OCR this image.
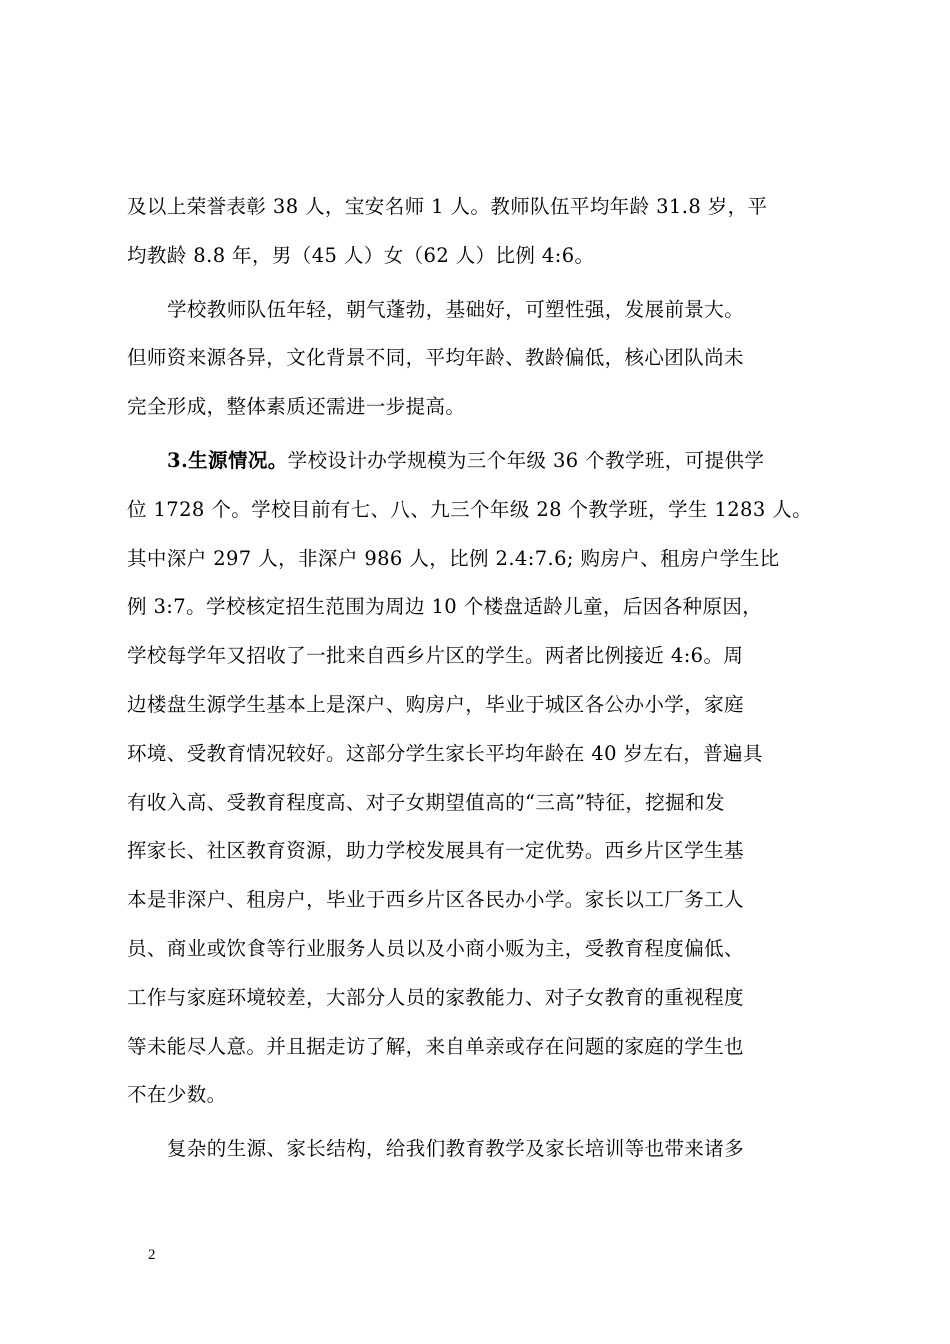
及以上荣誉表彰 38 人，宝安名师 1 人。教师队伍平均年龄 31.8 岁，平
均教龄 8.8 年，男（45 人）女（62 人）比例 4:6。
学校教师队伍年轻，朝气蓬勃，基础好，可塑性强，发展前景大。
但师资来源各异，文化背景不同，平均年龄、教龄偏低，核心团队尚未
完全形成，整体素质还需进一步提高。
3.生源情况。学校设计办学规模为三个年级 36 个教学班，可提供学
位 1728 个。学校目前有七、八、九三个年级 28 个教学班，学生 1283 人。
其中深户 297 人，非深户 986 人，比例 2.4:7.6; 购房户、租房户学生比
例 3:7。学校核定招生范围为周边 10 个楼盘适龄儿童，后因各种原因，
学校每学年又招收了一批来自西乡片区的学生。两者比例接近 4:6。周
边楼盘生源学生基本上是深户、购房户，毕业于城区各公办小学，家庭
环境、受教育情况较好。这部分学生家长平均年龄在 40 岁左右，普遍具
有收入高、受教育程度高、对子女期望值高的“三高”特征，挖掘和发
挥家长、社区教育资源，助力学校发展具有一定优势。西乡片区学生基
本是非深户、租房户，毕业于西乡片区各民办小学。家长以工厂务工人
员、商业或饮食等行业服务人员以及小商小贩为主，受教育程度偏低、
工作与家庭环境较差，大部分人员的家教能力、对子女教育的重视程度
等未能尽人意。并且据走访了解，来自单亲或存在问题的家庭的学生也
不在少数。
复杂的生源、家长结构，给我们教育教学及家长培训等也带来诸多
2
